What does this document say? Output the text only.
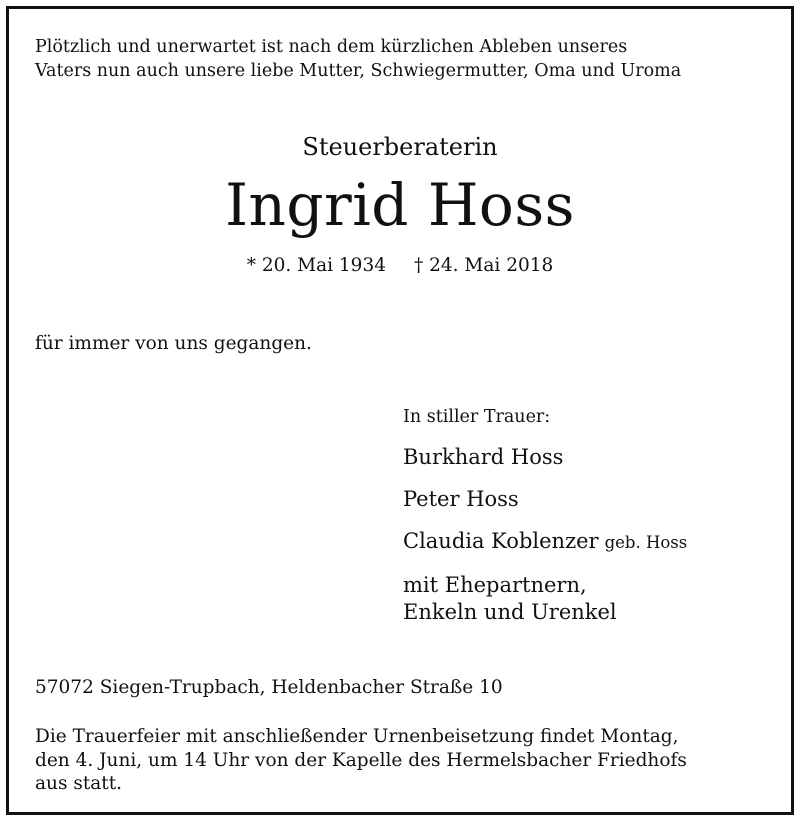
Plötzlich und unerwartet ist nach dem kürzlichen Ableben unseres
Vaters nun auch unsere liebe Mutter, Schwiegermutter, Oma und Uroma
Steuerberaterin
Ingrid Hoss
* 20. Mai 1934 † 24. Mai 2018
für immer von uns gegangen.
In stiller Trauer:
Burkhard Hoss
Peter Hoss
Claudia Koblenzer geb. Hoss
mit Ehepartnern,
Enkeln und Urenkel
57072 Siegen-Trupbach, Heldenbacher Straße 10
Die Trauerfeier mit anschließender Urnenbeisetzung findet Montag,
den 4. Juni, um 14 Uhr von der Kapelle des Hermelsbacher Friedhofs
aus statt.
